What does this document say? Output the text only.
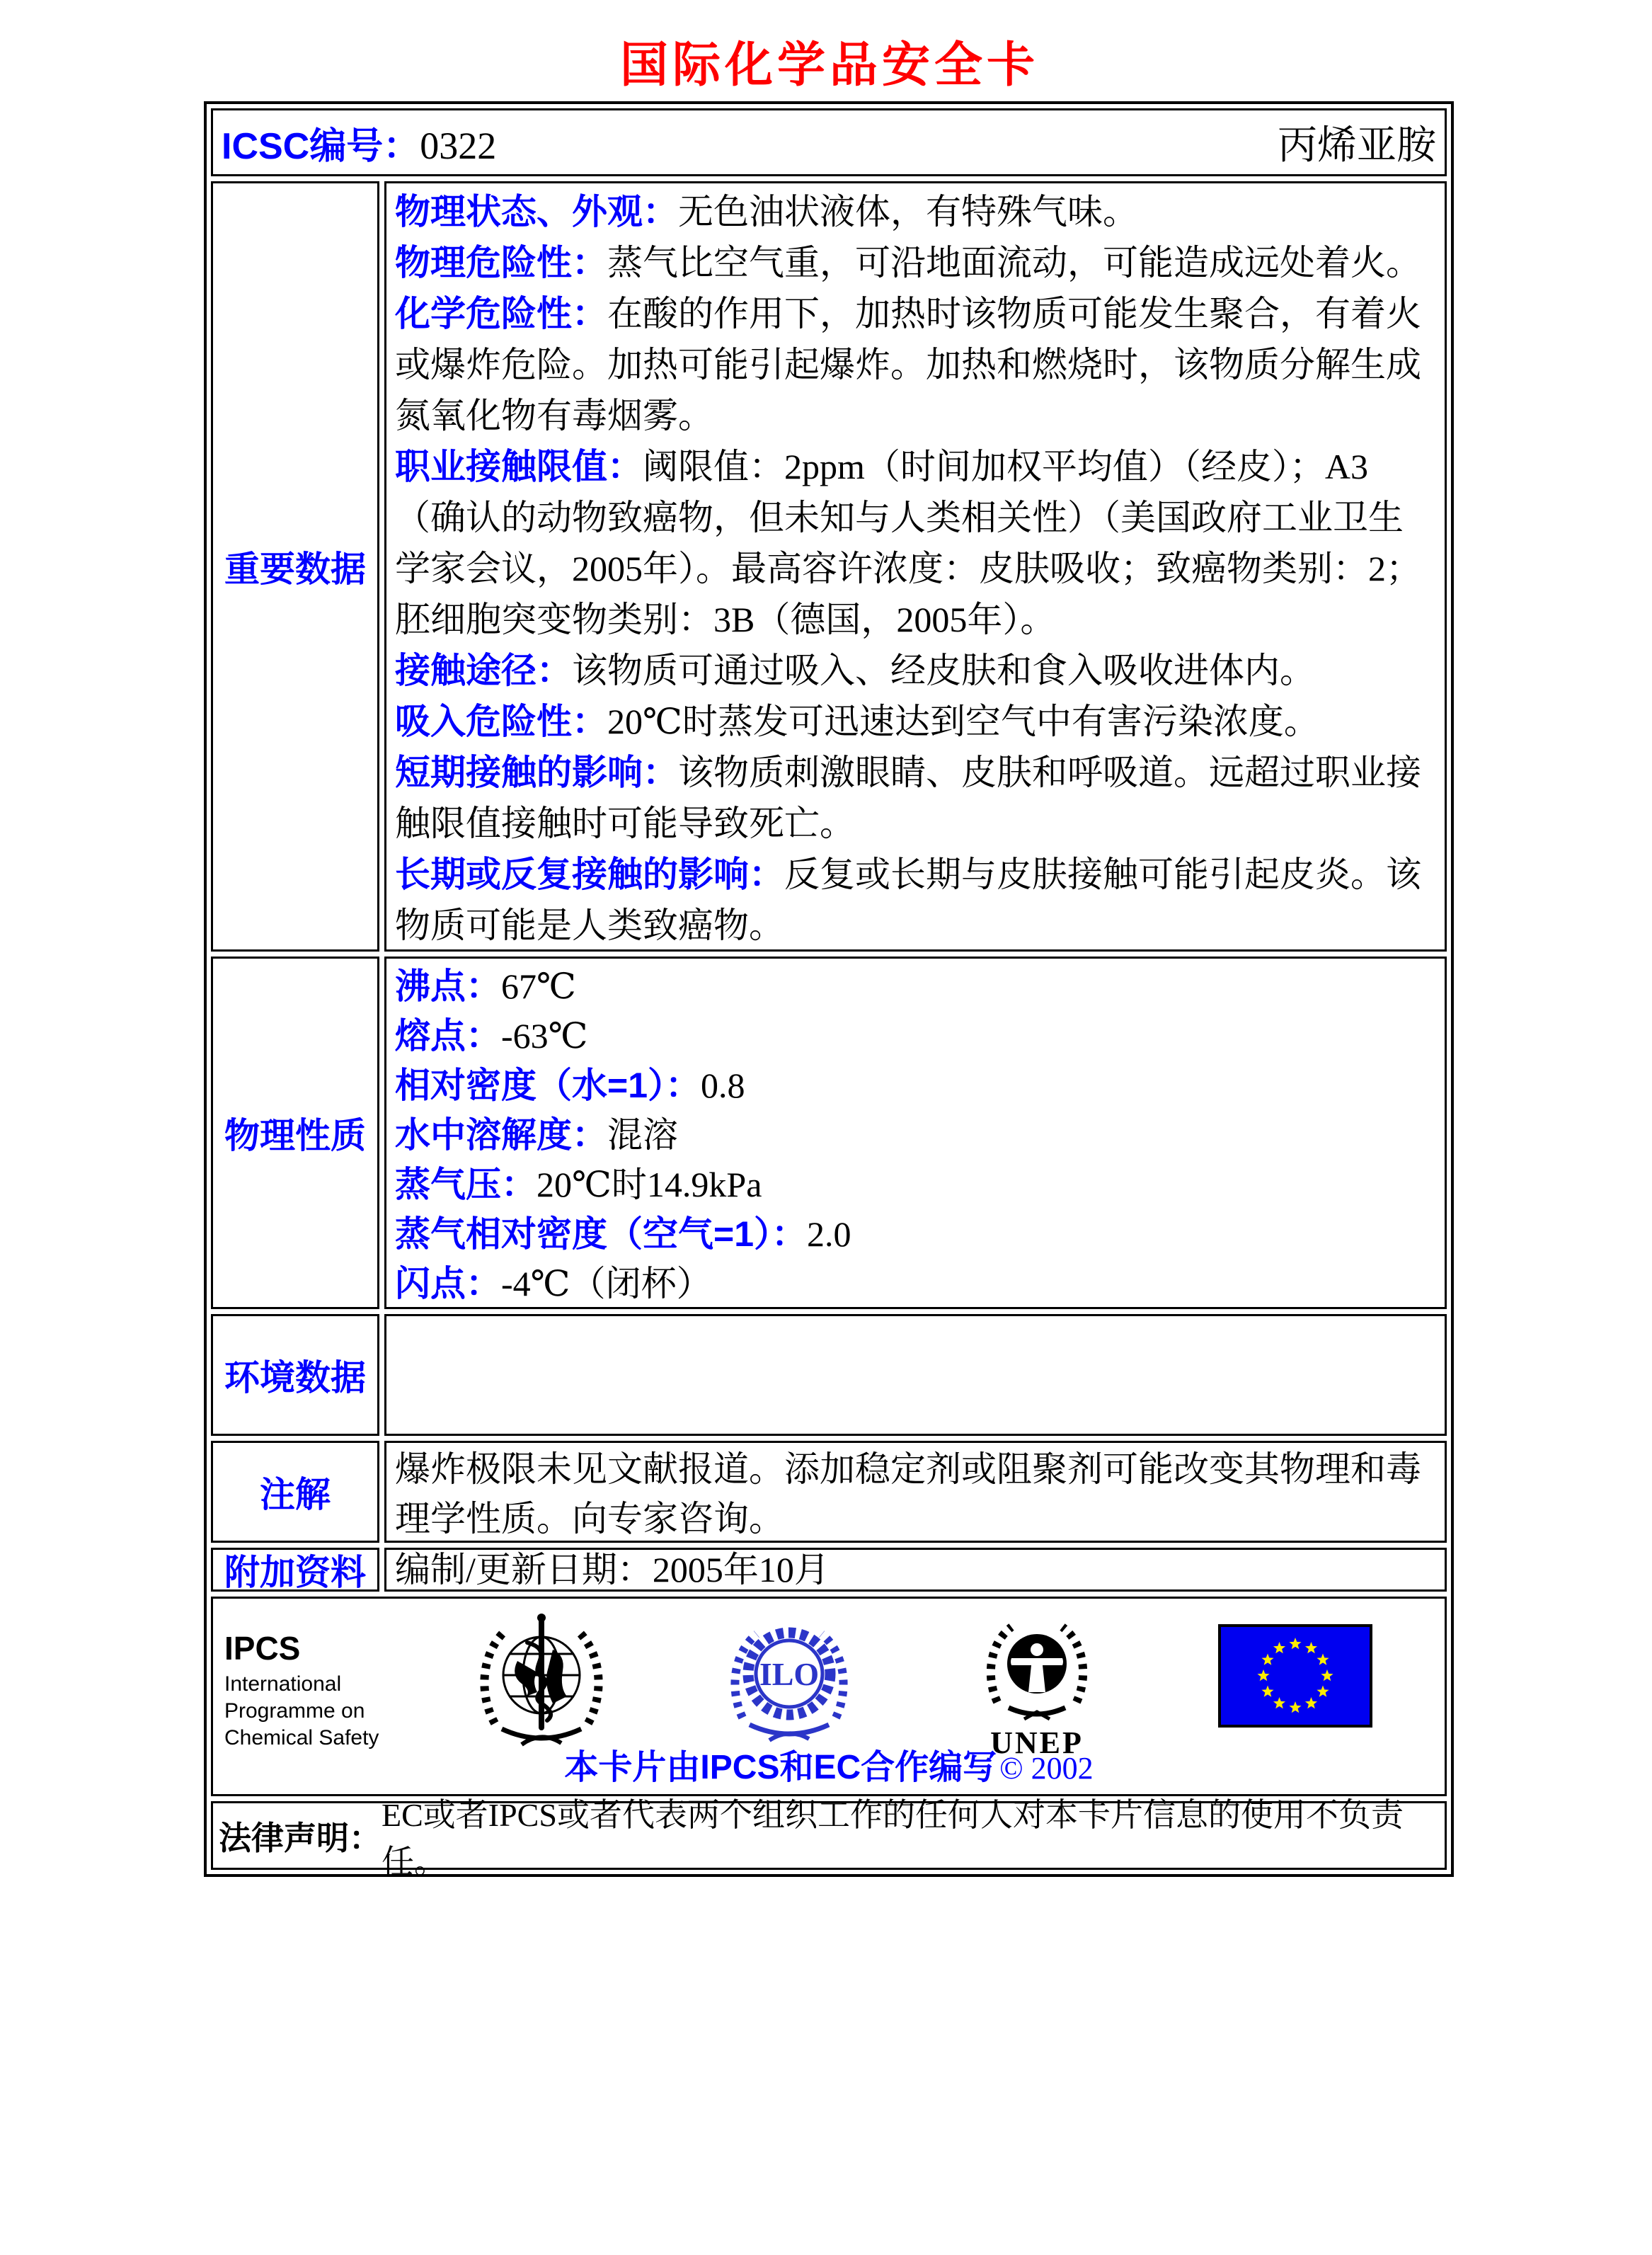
国际化学品安全卡
ICSC编号：0322	丙烯亚胺
重要数据
物理状态、外观：无色油状液体，有特殊气味。
物理危险性：蒸气比空气重，可沿地面流动，可能造成远处着火。
化学危险性：在酸的作用下，加热时该物质可能发生聚合，有着火或爆炸危险。加热可能引起爆炸。加热和燃烧时，该物质分解生成氮氧化物有毒烟雾。
职业接触限值：阈限值：2ppm（时间加权平均值）（经皮）；A3（确认的动物致癌物，但未知与人类相关性）（美国政府工业卫生学家会议，2005年）。最高容许浓度：皮肤吸收；致癌物类别：2；胚细胞突变物类别：3B（德国，2005年）。
接触途径：该物质可通过吸入、经皮肤和食入吸收进体内。
吸入危险性：20℃时蒸发可迅速达到空气中有害污染浓度。
短期接触的影响：该物质刺激眼睛、皮肤和呼吸道。远超过职业接触限值接触时可能导致死亡。
长期或反复接触的影响：反复或长期与皮肤接触可能引起皮炎。该物质可能是人类致癌物。
物理性质
沸点：67℃
熔点：-63℃
相对密度（水=1）：0.8
水中溶解度：混溶
蒸气压：20℃时14.9kPa
蒸气相对密度（空气=1）：2.0
闪点：-4℃（闭杯）
环境数据
注解
爆炸极限未见文献报道。添加稳定剂或阻聚剂可能改变其物理和毒理学性质。向专家咨询。
附加资料 编制/更新日期：2005年10月
IPCS
International Programme on Chemical Safety
ILO
UNEP
本卡片由IPCS和EC合作编写 © 2002
法律声明：
EC或者IPCS或者代表两个组织工作的任何人对本卡片信息的使用不负责任。
